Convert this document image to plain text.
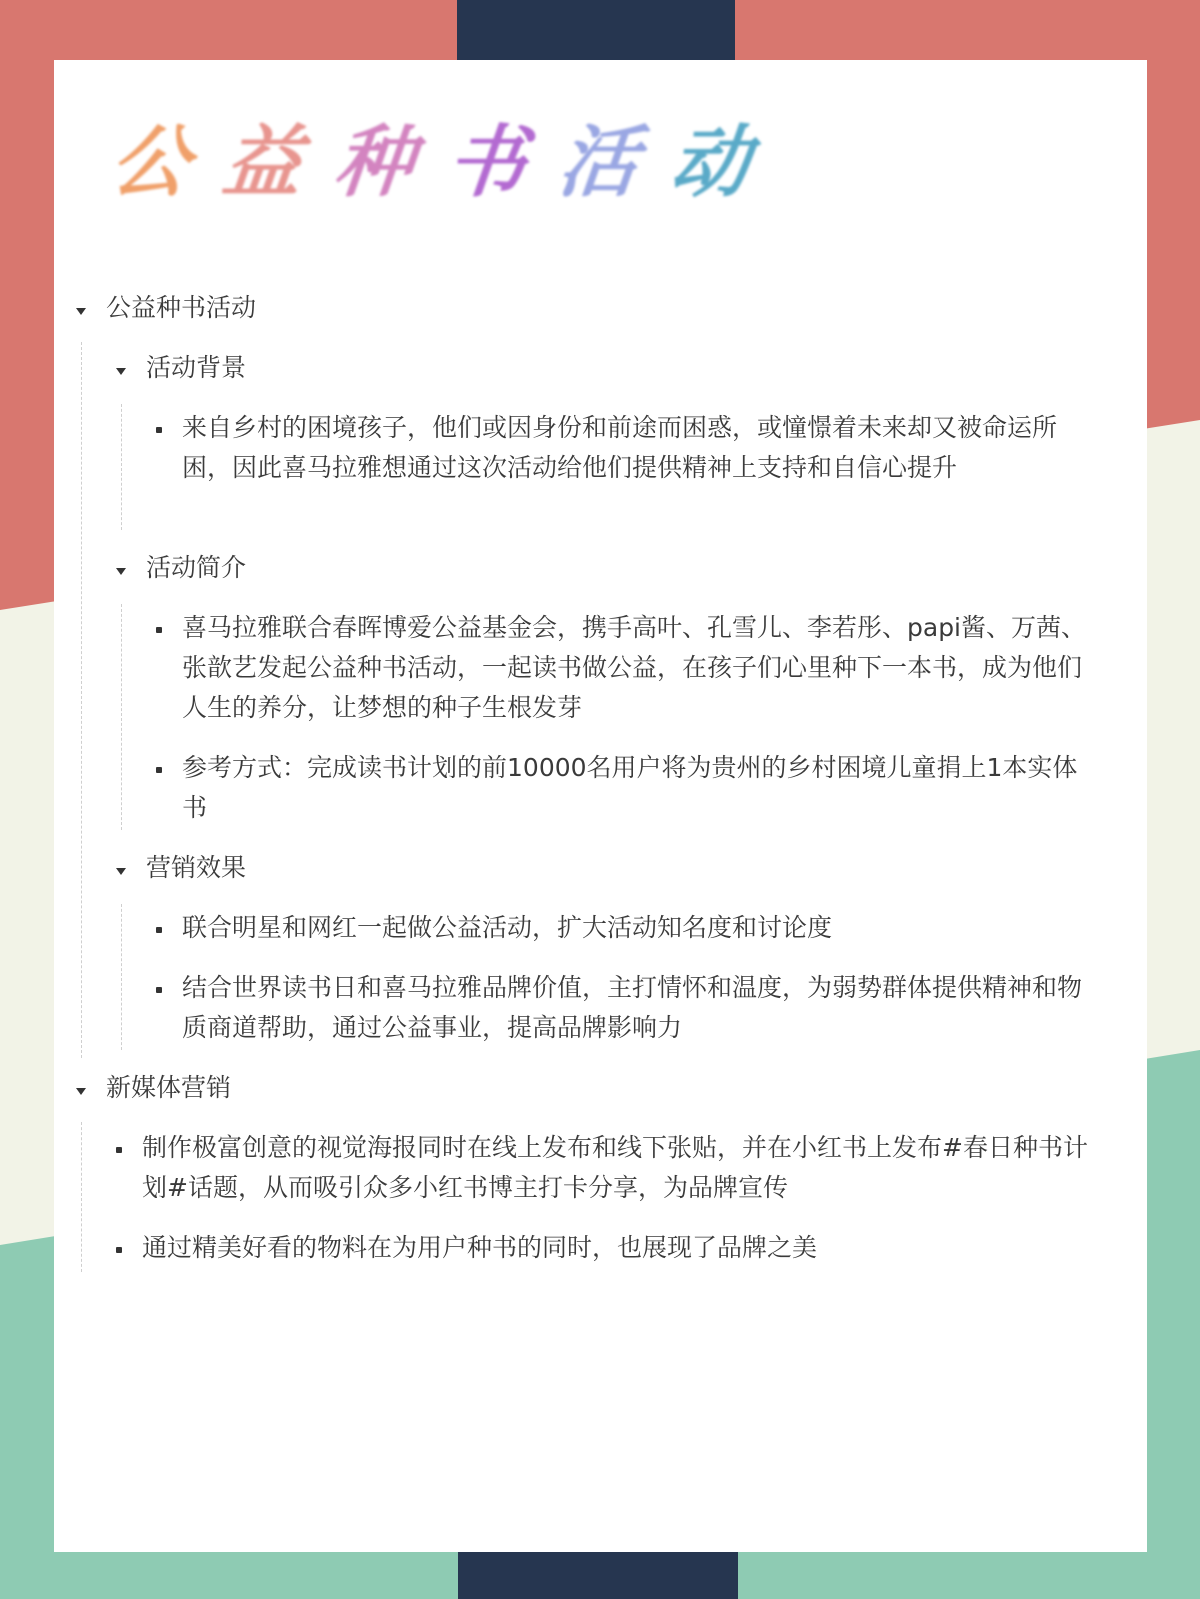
公 益 种 书 活 动
公益种书活动
活动背景
来自乡村的困境孩子，他们或因身份和前途而困惑，或憧憬着未来却又被命运所困，因此喜马拉雅想通过这次活动给他们提供精神上支持和自信心提升
活动简介
喜马拉雅联合春晖博爱公益基金会，携手高叶、孔雪儿、李若彤、papi酱、万茜、张歆艺发起公益种书活动，一起读书做公益，在孩子们心里种下一本书，成为他们人生的养分，让梦想的种子生根发芽
参考方式：完成读书计划的前10000名用户将为贵州的乡村困境儿童捐上1本实体书
营销效果
联合明星和网红一起做公益活动，扩大活动知名度和讨论度
结合世界读书日和喜马拉雅品牌价值，主打情怀和温度，为弱势群体提供精神和物质商道帮助，通过公益事业，提高品牌影响力
新媒体营销
制作极富创意的视觉海报同时在线上发布和线下张贴，并在小红书上发布#春日种书计划#话题，从而吸引众多小红书博主打卡分享，为品牌宣传
通过精美好看的物料在为用户种书的同时，也展现了品牌之美
